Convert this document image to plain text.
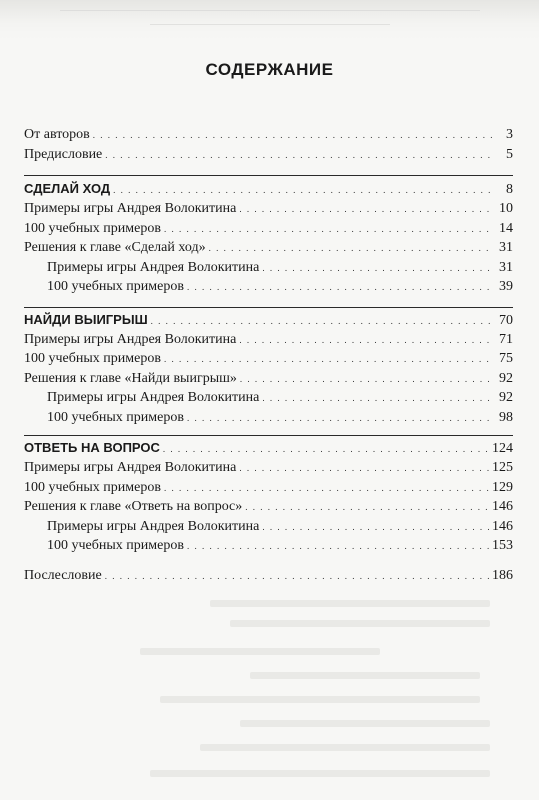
СОДЕРЖАНИЕ
От авторов . . .	3
Предисловие . . .	5
СДЕЛАЙ ХОД . . .	8
Примеры игры Андрея Волокитина . . .	10
100 учебных примеров . . .	14
Решения к главе «Сделай ход» . . .	31
Примеры игры Андрея Волокитина . . .	31
100 учебных примеров . . .	39
НАЙДИ ВЫИГРЫШ . . .	70
Примеры игры Андрея Волокитина . . .	71
100 учебных примеров . . .	75
Решения к главе «Найди выигрыш» . . .	92
Примеры игры Андрея Волокитина . . .	92
100 учебных примеров . . .	98
ОТВЕТЬ НА ВОПРОС . . .	124
Примеры игры Андрея Волокитина . . .	125
100 учебных примеров . . .	129
Решения к главе «Ответь на вопрос» . . .	146
Примеры игры Андрея Волокитина . . .	146
100 учебных примеров . . .	153
Послесловие . . .	186
